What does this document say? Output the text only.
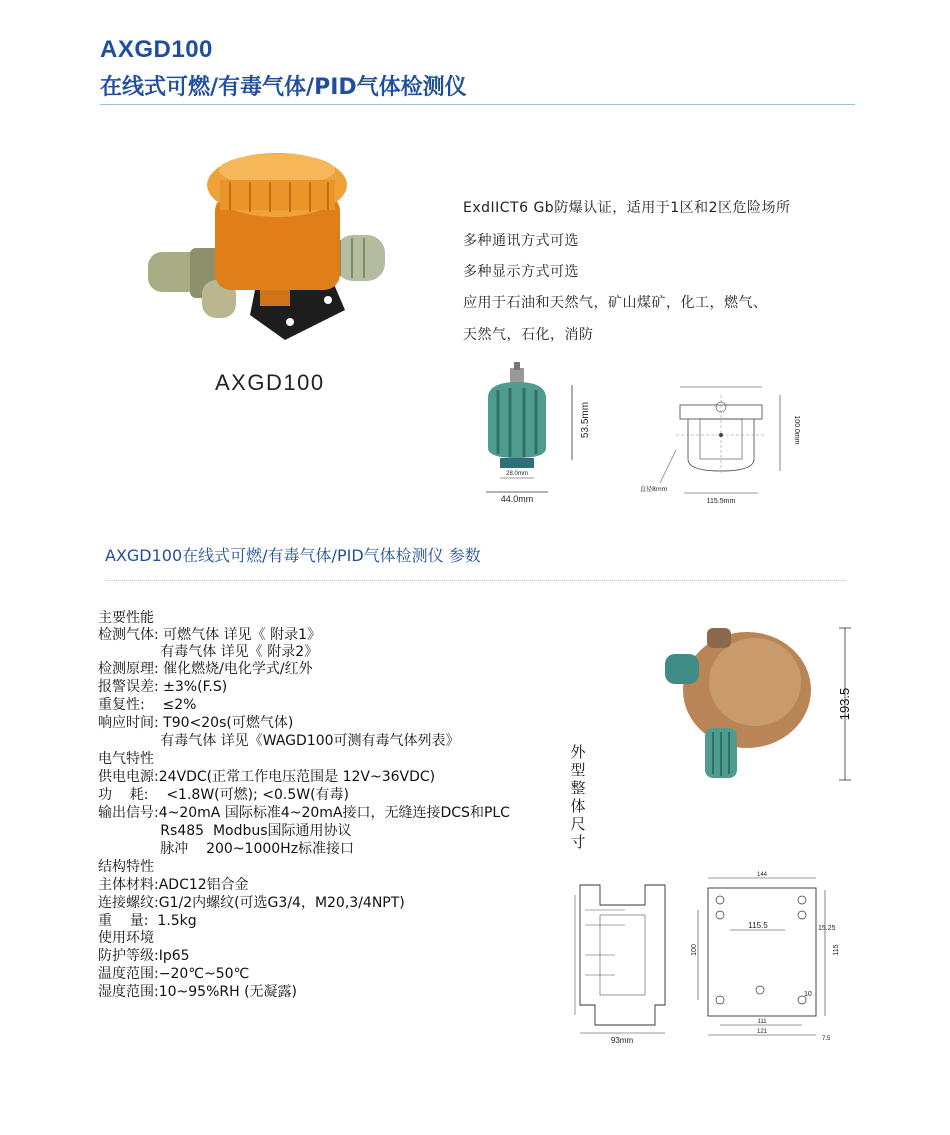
AXGD100
在线式可燃/有毒气体/PID气体检测仪
AXGD100
ExdIICT6 Gb防爆认证，适用于1区和2区危险场所
多种通讯方式可选
多种显示方式可选
应用于石油和天然气，矿山煤矿，化工，燃气、
天然气，石化，消防
53.5mm
28.0mm
44.0mm
100.0mm
直径8mm
115.5mm
AXGD100在线式可燃/有毒气体/PID气体检测仪 参数
主要性能
检测气体: 可燃气体 详见《 附录1》
有毒气体 详见《 附录2》
检测原理: 催化燃烧/电化学式/红外
报警误差: ±3%(F.S)
重复性:    ≤2%
响应时间: T90<20s(可燃气体)
有毒气体 详见《WAGD100可测有毒气体列表》
电气特性
供电电源:24VDC(正常工作电压范围是 12V~36VDC)
功    耗:    <1.8W(可燃); <0.5W(有毒)
输出信号:4~20mA 国际标准4~20mA接口，无缝连接DCS和PLC
Rs485  Modbus国际通用协议
脉冲    200~1000Hz标准接口
结构特性
主体材料:ADC12铝合金
连接螺纹:G1/2内螺纹(可选G3/4，M20,3/4NPT)
重    量:  1.5kg
使用环境
防护等级:Ip65
温度范围:−20℃~50℃
湿度范围:10~95%RH (无凝露)
外型整体尺寸
193.5
93mm
144
100
115.5	15.25
115
10
111
121
7.5
